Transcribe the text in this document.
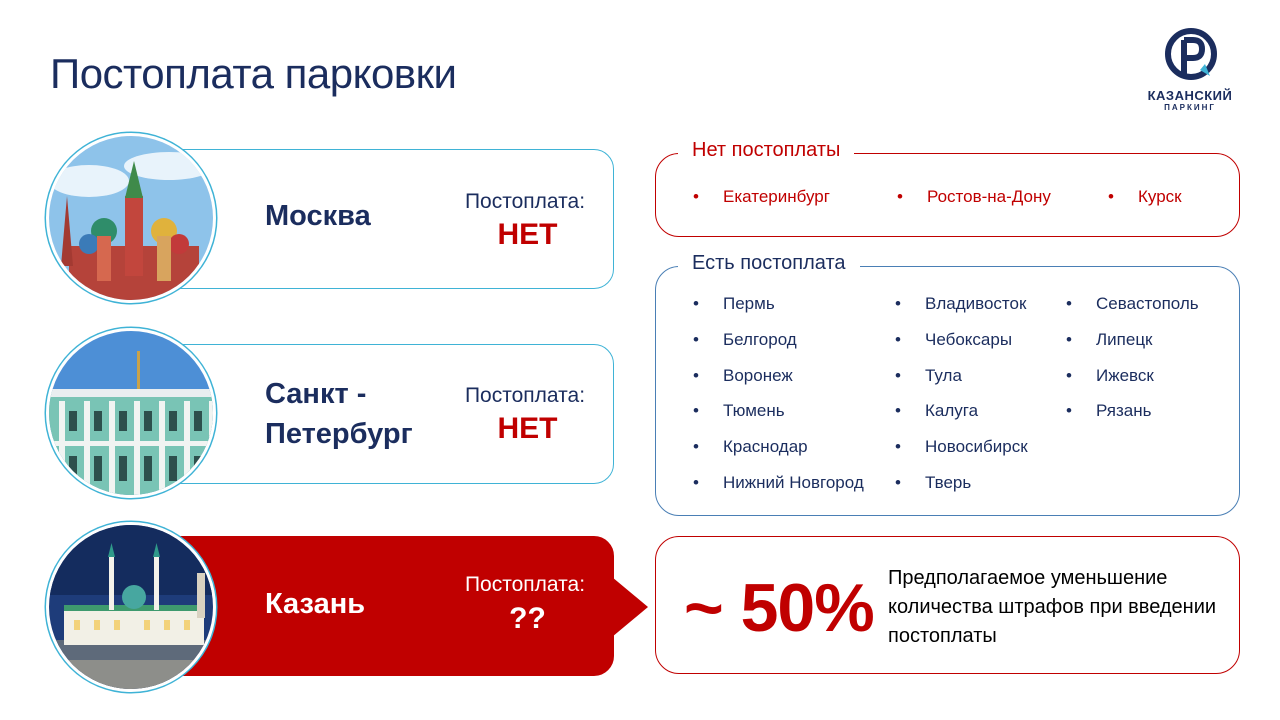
Постоплата парковки	КАЗАНСКИЙ
ПАРКИНГ
Москва	Постоплата:
НЕТ
Санкт -
Петербург
Постоплата:
НЕТ
Казань
Постоплата:
??
Нет постоплаты
• Екатеринбург	• Ростов-на-Дону	• Курск
Есть постоплата
• Пермь
• Белгород
• Воронеж
• Тюмень
• Краснодар
• Нижний Новгород
• Владивосток
• Чебоксары
• Тула
• Калуга
• Новосибирск
• Тверь
• Севастополь
• Липецк
• Ижевск
• Рязань
~ 50% Предполагаемое уменьшение количества штрафов при введении постоплаты
